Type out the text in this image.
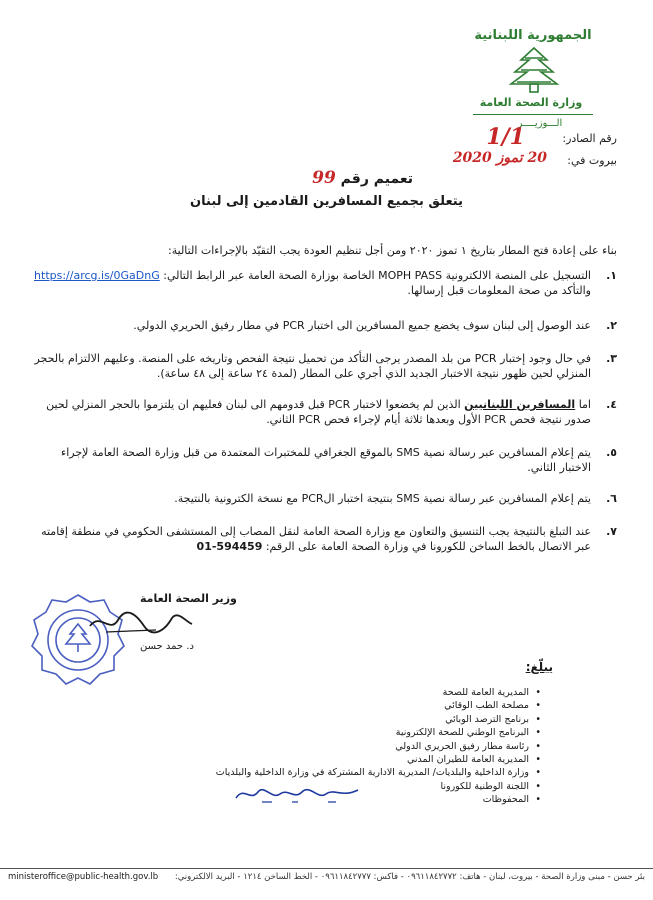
الجمهورية اللبنانية
وزارة الصحة العامة
الـــوزيــــر
رقم الصادر:
1/1
بيروت في:
20 تموز 2020
تعميم رقم 99
يتعلق بجميع المسافرين القادمين إلى لبنان
بناء على إعادة فتح المطار بتاريخ ١ تموز ٢٠٢٠ ومن أجل تنظيم العودة يجب التقيّد بالإجراءات التالية:
١.
التسجيل على المنصة الالكترونية MOPH PASS الخاصة بوزارة الصحة العامة عبر الرابط التالي: https://arcg.is/0GaDnG والتأكد من صحة المعلومات قبل إرسالها.
٢.
عند الوصول إلى لبنان سوف يخضع جميع المسافرين الى اختبار PCR في مطار رفيق الحريري الدولي.
٣.
في حال وجود إختبار PCR من بلد المصدر يرجى التأكد من تحميل نتيجة الفحص وتاريخه على المنصة. وعليهم الالتزام بالحجر المنزلي لحين ظهور نتيجة الاختبار الجديد الذي أجري على المطار (لمدة ٢٤ ساعة إلى ٤٨ ساعة).
٤.
اما المسافرين اللبنانيين الذين لم يخضعوا لاختبار PCR قبل قدومهم الى لبنان فعليهم ان يلتزموا بالحجر المنزلي لحين صدور نتيجة فحص PCR الأول وبعدها ثلاثة أيام لإجراء فحص PCR الثاني.
٥.
يتم إعلام المسافرين عبر رسالة نصية SMS بالموقع الجغرافي للمختبرات المعتمدة من قبل وزارة الصحة العامة لإجراء الاختبار الثاني.
٦.
يتم إعلام المسافرين عبر رسالة نصية SMS بنتيجة اختبار الPCR مع نسخة الكترونية بالنتيجة.
٧.
عند التبلغ بالنتيجة يجب التنسيق والتعاون مع وزارة الصحة العامة لنقل المصاب إلى المستشفى الحكومي في منطقة إقامته عبر الاتصال بالخط الساخن للكورونا في وزارة الصحة العامة على الرقم: 01-594459
وزير الصحة العامة
د. حمد حسن
يبلّغ:
• المديرية العامة للصحة
• مصلحة الطب الوقائي
• برنامج الترصد الوبائي
• البرنامج الوطني للصحة الإلكترونية
• رئاسة مطار رفيق الحريري الدولي
• المديرية العامة للطيران المدني
• وزارة الداخلية والبلديات/ المديرية الادارية المشتركة في وزارة الداخلية والبلديات
• اللجنة الوطنية للكورونا
• المحفوظات
ministeroffice@public-health.gov.lb بئر حسن - مبنى وزارة الصحة - بيروت، لبنان - هاتف: ٠٩٦١١٨٤٢٧٧٢ - فاكس: ٠٩٦١١٨٤٢٧٧٧ - الخط الساخن ١٢١٤ - البريد الالكتروني:
